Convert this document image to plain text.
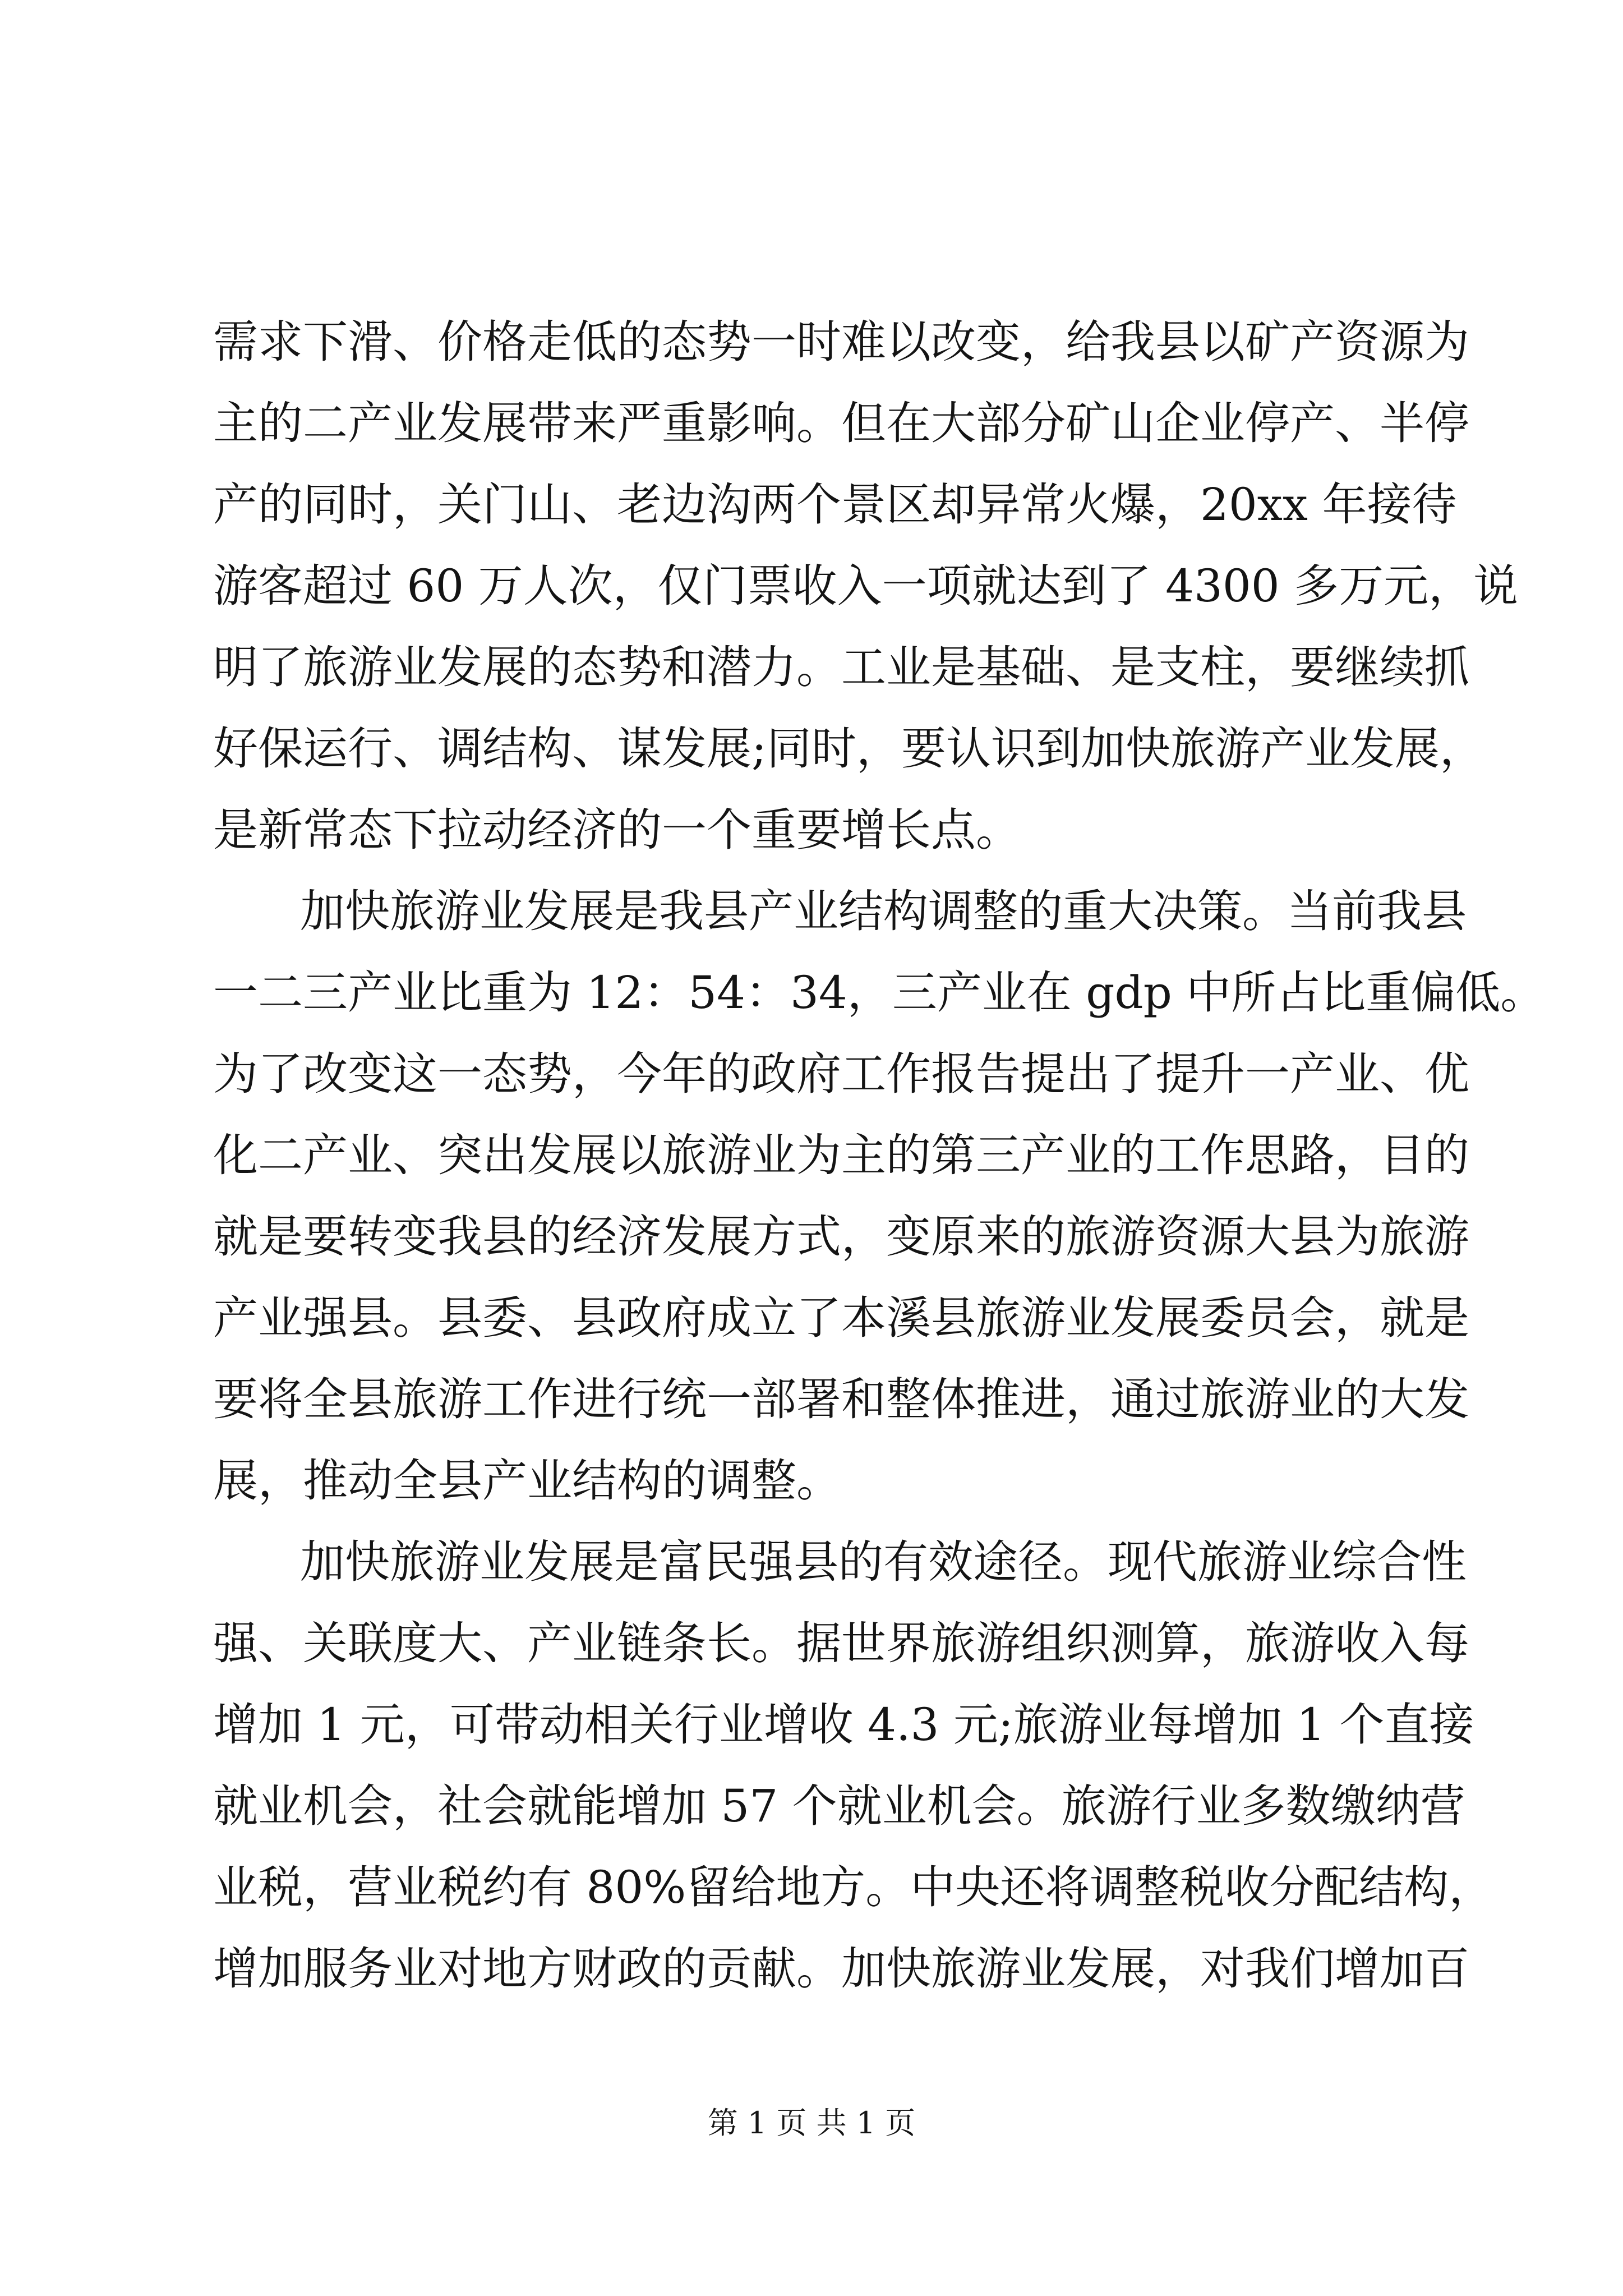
需求下滑、价格走低的态势一时难以改变，给我县以矿产资源为
主的二产业发展带来严重影响。但在大部分矿山企业停产、半停
产的同时，关门山、老边沟两个景区却异常火爆，20xx 年接待
游客超过 60 万人次，仅门票收入一项就达到了 4300 多万元，说
明了旅游业发展的态势和潜力。工业是基础、是支柱，要继续抓
好保运行、调结构、谋发展;同时，要认识到加快旅游产业发展，
是新常态下拉动经济的一个重要增长点。
加快旅游业发展是我县产业结构调整的重大决策。当前我县
一二三产业比重为 12：54：34，三产业在 gdp 中所占比重偏低。
为了改变这一态势，今年的政府工作报告提出了提升一产业、优
化二产业、突出发展以旅游业为主的第三产业的工作思路，目的
就是要转变我县的经济发展方式，变原来的旅游资源大县为旅游
产业强县。县委、县政府成立了本溪县旅游业发展委员会，就是
要将全县旅游工作进行统一部署和整体推进，通过旅游业的大发
展，推动全县产业结构的调整。
加快旅游业发展是富民强县的有效途径。现代旅游业综合性
强、关联度大、产业链条长。据世界旅游组织测算，旅游收入每
增加 1 元，可带动相关行业增收 4.3 元;旅游业每增加 1 个直接
就业机会，社会就能增加 57 个就业机会。旅游行业多数缴纳营
业税，营业税约有 80%留给地方。中央还将调整税收分配结构，
增加服务业对地方财政的贡献。加快旅游业发展，对我们增加百
第 1 页 共 1 页
